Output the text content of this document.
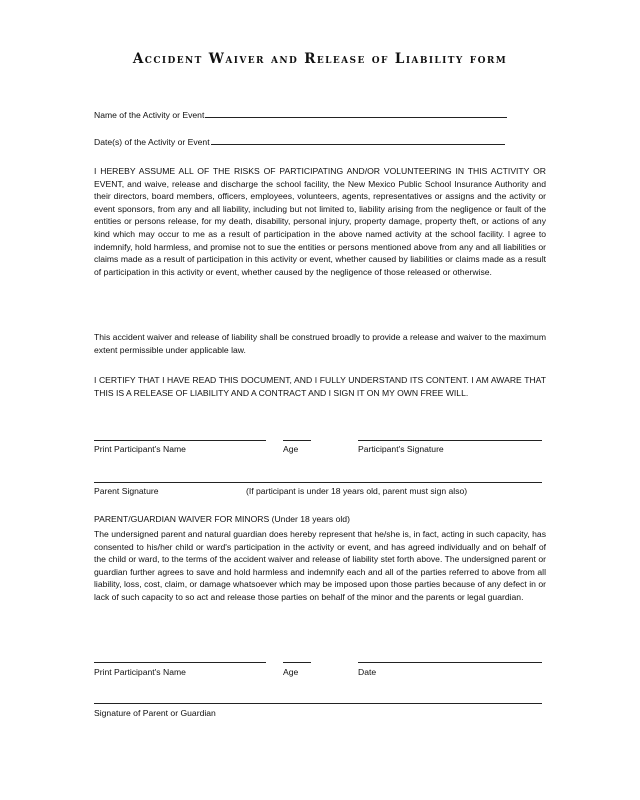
Accident Waiver and Release of Liability form
Name of the Activity or Event
Date(s) of the Activity or Event

I HEREBY ASSUME ALL OF THE RISKS OF PARTICIPATING AND/OR VOLUNTEERING IN THIS ACTIVITY OR EVENT, and waive, release and discharge the school facility, the New Mexico Public School Insurance Authority and their directors, board members, officers, employees, volunteers, agents, representatives or assigns and the activity or event sponsors, from any and all liability, including but not limited to, liability arising from the negligence or fault of the entities or persons release, for my death, disability, personal injury, property damage, property theft, or actions of any kind which may occur to me as a result of participation in the above named activity at the school facility. I agree to indemnify, hold harmless, and promise not to sue the entities or persons mentioned above from any and all liabilities or claims made as a result of participation in this activity or event, whether caused by liabilities or claims made as a result of participation in this activity or event, whether caused by the negligence of those released or otherwise.

This accident waiver and release of liability shall be construed broadly to provide a release and waiver to the maximum extent permissible under applicable law.

I CERTIFY THAT I HAVE READ THIS DOCUMENT, AND I FULLY UNDERSTAND ITS CONTENT. I AM AWARE THAT THIS IS A RELEASE OF LIABILITY AND A CONTRACT AND I SIGN IT ON MY OWN FREE WILL.

Print Participant's Name	Age	Participant's Signature
Parent Signature	(If participant is under 18 years old, parent must sign also)
PARENT/GUARDIAN WAIVER FOR MINORS (Under 18 years old)

The undersigned parent and natural guardian does hereby represent that he/she is, in fact, acting in such capacity, has consented to his/her child or ward's participation in the activity or event, and has agreed individually and on behalf of the child or ward, to the terms of the accident waiver and release of liability stet forth above. The undersigned parent or guardian further agrees to save and hold harmless and indemnify each and all of the parties referred to above from all liability, loss, cost, claim, or damage whatsoever which may be imposed upon those parties because of any defect in or lack of such capacity to so act and release those parties on behalf of the minor and the parents or legal guardian.

Print Participant's Name	Age	Date
Signature of Parent or Guardian
